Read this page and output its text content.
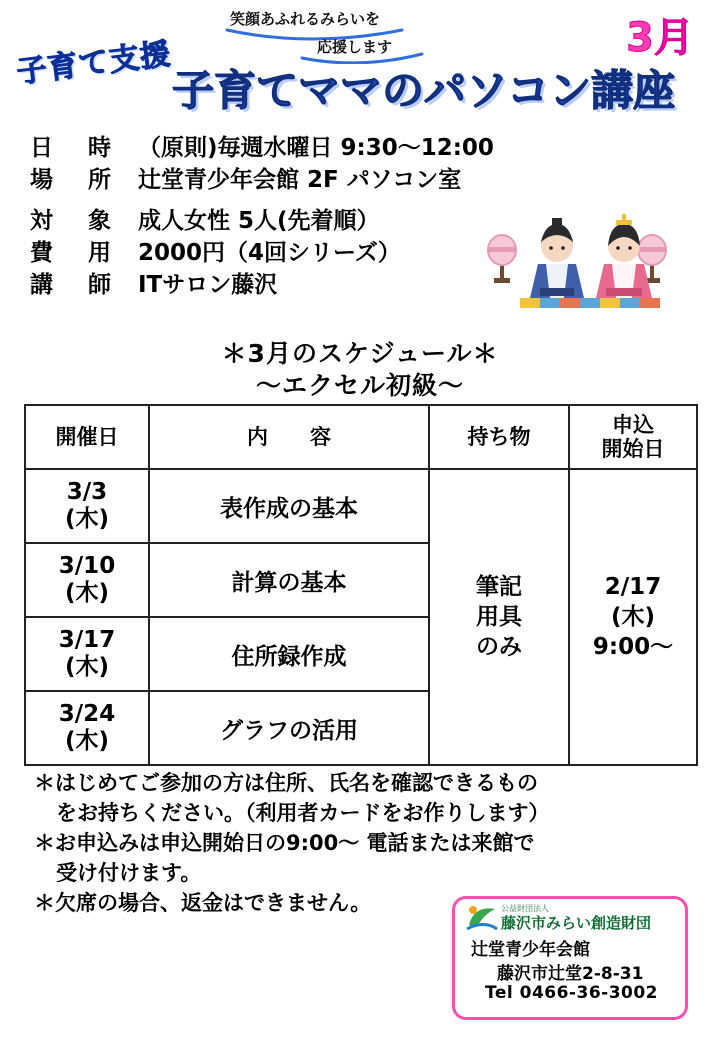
子育て支援
笑顔あふれるみらいを
応援します	3月
子育てママのパソコン講座
日　時 （原則)毎週水曜日 9:30〜12:00
場　所 辻堂青少年会館 2F パソコン室
対　象 成人女性 5人(先着順）
費　用 2000円（4回シリーズ）
講　師 ITサロン藤沢
＊3月のスケジュール＊
〜エクセル初級〜
開催日	内　　容	持ち物	申込
開始日

3/3
(木)	表作成の基本	
筆記
用具
のみ

2/17
(木)
9:00〜

3/10
(木)	計算の基本		

3/17
(木)	住所録作成		

3/24
(木)	グラフの活用		
＊はじめてご参加の方は住所、氏名を確認できるもの
をお持ちください。（利用者カードをお作りします）
＊お申込みは申込開始日の9:00〜 電話または来館で
受け付けます。
＊欠席の場合、返金はできません。	公益財団法人
藤沢市みらい創造財団
辻堂青少年会館
藤沢市辻堂2-8-31
Tel 0466-36-3002
